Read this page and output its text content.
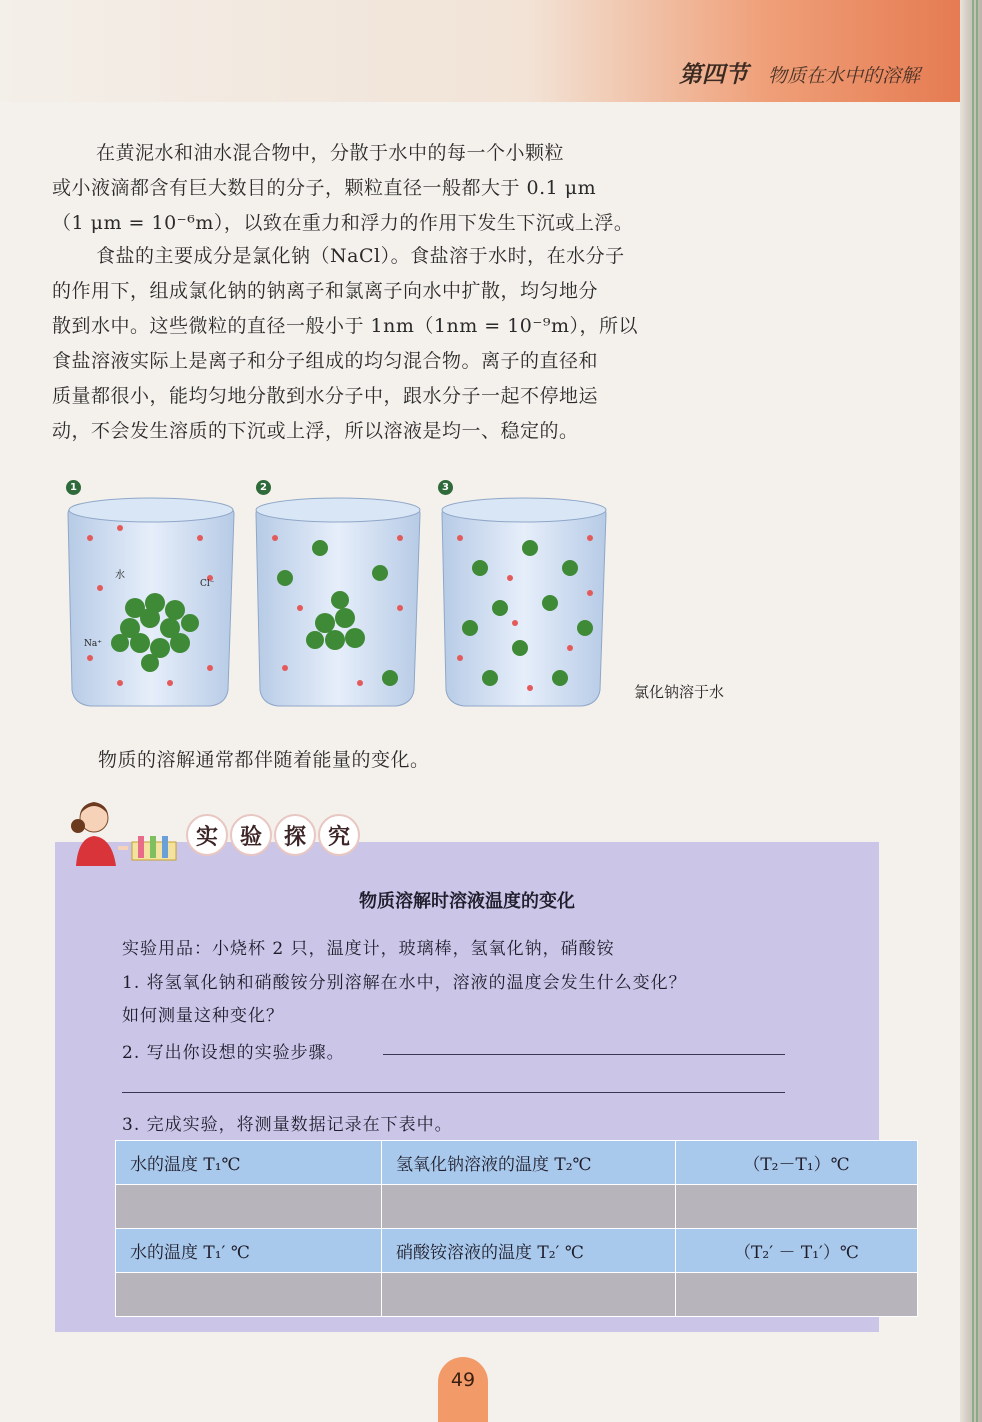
第四节 物质在水中的溶解
在黄泥水和油水混合物中，分散于水中的每一个小颗粒
或小液滴都含有巨大数目的分子，颗粒直径一般都大于 0.1 μm
（1 μm = 10⁻⁶m），以致在重力和浮力的作用下发生下沉或上浮。
食盐的主要成分是氯化钠（NaCl）。食盐溶于水时，在水分子
的作用下，组成氯化钠的钠离子和氯离子向水中扩散，均匀地分
散到水中。这些微粒的直径一般小于 1nm（1nm = 10⁻⁹m），所以
食盐溶液实际上是离子和分子组成的均匀混合物。离子的直径和
质量都很小，能均匀地分散到水分子中，跟水分子一起不停地运
动，不会发生溶质的下沉或上浮，所以溶液是均一、稳定的。
1	2	3
水
Cl⁻
Na⁺
氯化钠溶于水
物质的溶解通常都伴随着能量的变化。
物质溶解时溶液温度的变化
实验用品：小烧杯 2 只，温度计，玻璃棒，氢氧化钠，硝酸铵
1. 将氢氧化钠和硝酸铵分别溶解在水中，溶液的温度会发生什么变化？
如何测量这种变化？
2. 写出你设想的实验步骤。
3. 完成实验，将测量数据记录在下表中。
水的温度 T₁℃	氢氧化钠溶液的温度 T₂℃	（T₂－T₁）℃

水的温度 T₁′ ℃	硝酸铵溶液的温度 T₂′ ℃	（T₂′ － T₁′）℃

实 验 探 究
49
